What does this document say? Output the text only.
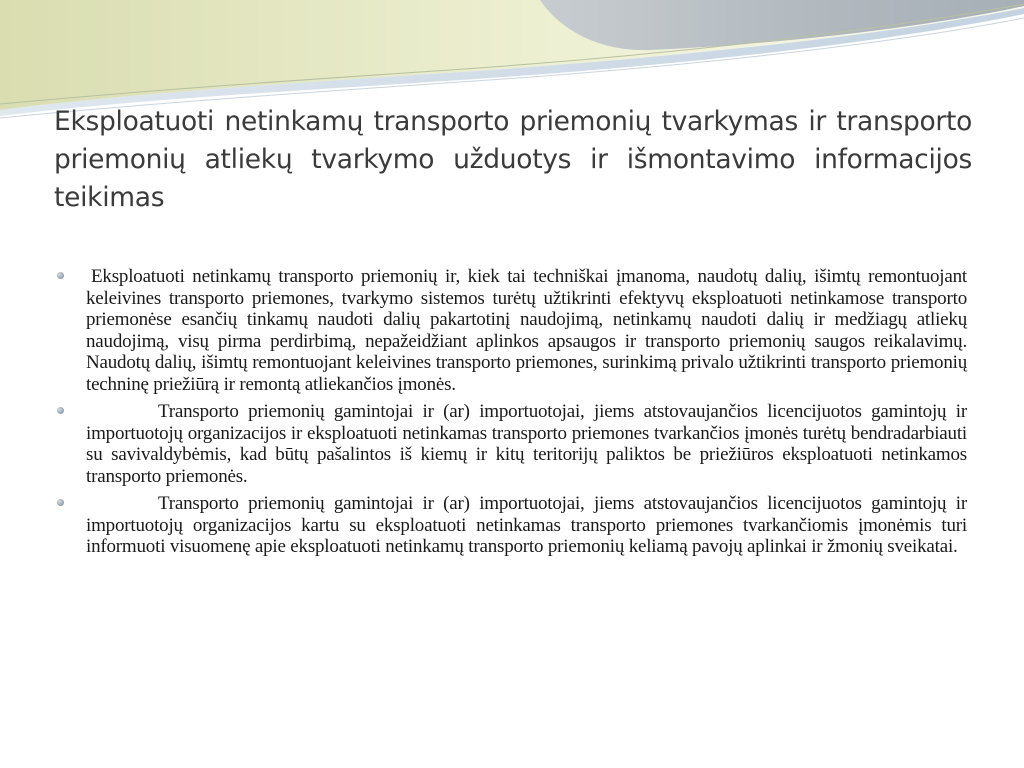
Eksploatuoti netinkamų transporto priemonių tvarkymas ir transporto priemonių atliekų tvarkymo užduotys ir išmontavimo informacijos teikimas

Eksploatuoti netinkamų transporto priemonių ir, kiek tai techniškai įmanoma, naudotų dalių, išimtų remontuojant keleivines transporto priemones, tvarkymo sistemos turėtų užtikrinti efektyvų eksploatuoti netinkamose transporto priemonėse esančių tinkamų naudoti dalių pakartotinį naudojimą, netinkamų naudoti dalių ir medžiagų atliekų naudojimą, visų pirma perdirbimą, nepažeidžiant aplinkos apsaugos ir transporto priemonių saugos reikalavimų. Naudotų dalių, išimtų remontuojant keleivines transporto priemones, surinkimą privalo užtikrinti transporto priemonių techninę priežiūrą ir remontą atliekančios įmonės.

Transporto priemonių gamintojai ir (ar) importuotojai, jiems atstovaujančios licencijuotos gamintojų ir importuotojų organizacijos ir eksploatuoti netinkamas transporto priemones tvarkančios įmonės turėtų bendradarbiauti su savivaldybėmis, kad būtų pašalintos iš kiemų ir kitų teritorijų paliktos be priežiūros eksploatuoti netinkamos transporto priemonės.

Transporto priemonių gamintojai ir (ar) importuotojai, jiems atstovaujančios licencijuotos gamintojų ir importuotojų organizacijos kartu su eksploatuoti netinkamas transporto priemones tvarkančiomis įmonėmis turi informuoti visuomenę apie eksploatuoti netinkamų transporto priemonių keliamą pavojų aplinkai ir žmonių sveikatai.
